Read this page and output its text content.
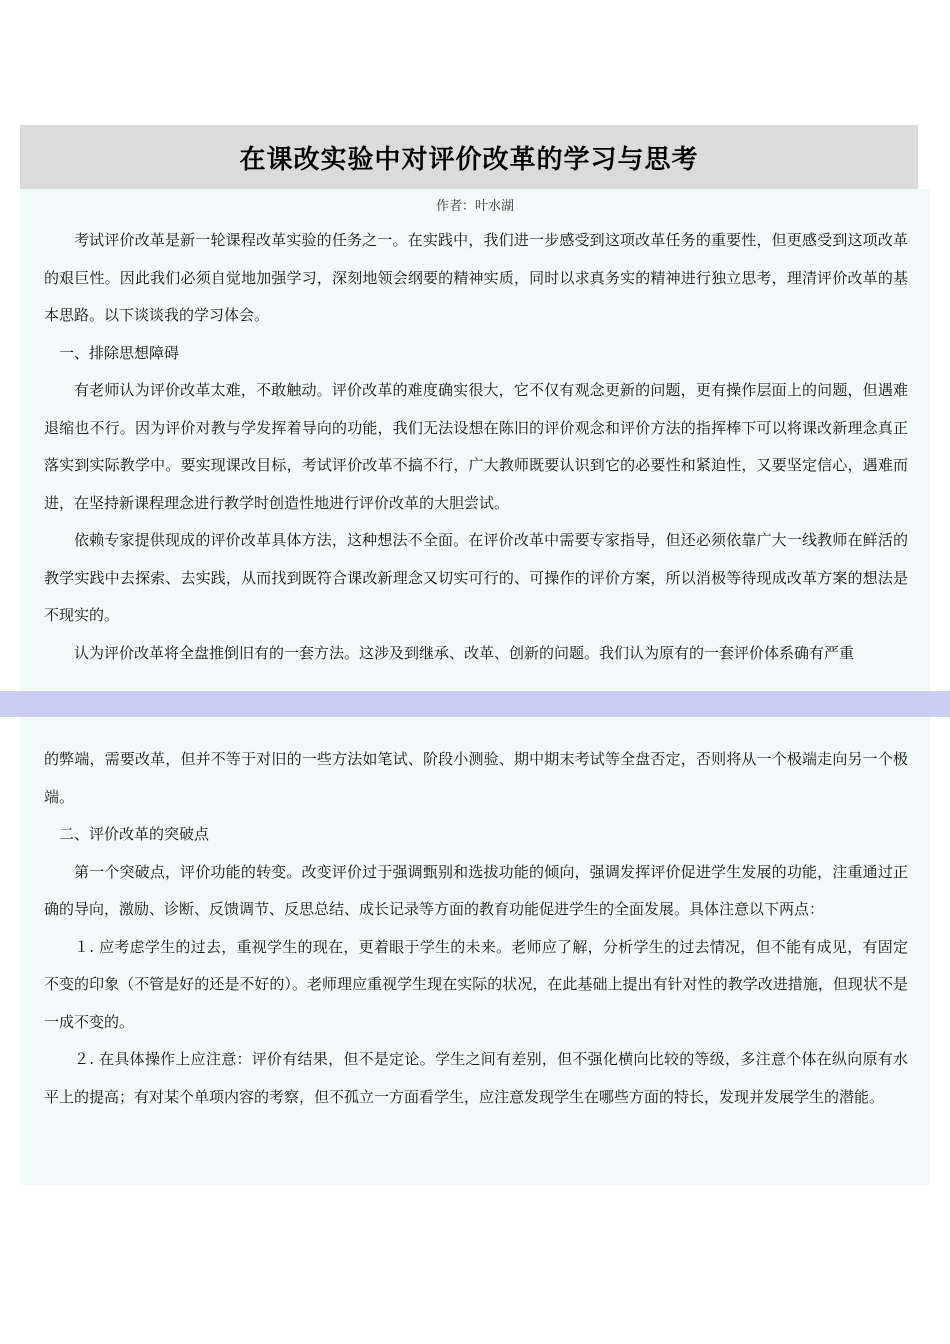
在课改实验中对评价改革的学习与思考
作者：叶水湖

考试评价改革是新一轮课程改革实验的任务之一。在实践中，我们进一步感受到这项改革任务的重要性，但更感受到这项改革的艰巨性。因此我们必须自觉地加强学习，深刻地领会纲要的精神实质，同时以求真务实的精神进行独立思考，理清评价改革的基本思路。以下谈谈我的学习体会。

一、排除思想障碍

有老师认为评价改革太难，不敢触动。评价改革的难度确实很大，它不仅有观念更新的问题，更有操作层面上的问题，但遇难退缩也不行。因为评价对教与学发挥着导向的功能，我们无法设想在陈旧的评价观念和评价方法的指挥棒下可以将课改新理念真正落实到实际教学中。要实现课改目标，考试评价改革不搞不行，广大教师既要认识到它的必要性和紧迫性，又要坚定信心，遇难而进，在坚持新课程理念进行教学时创造性地进行评价改革的大胆尝试。

依赖专家提供现成的评价改革具体方法，这种想法不全面。在评价改革中需要专家指导，但还必须依靠广大一线教师在鲜活的教学实践中去探索、去实践，从而找到既符合课改新理念又切实可行的、可操作的评价方案，所以消极等待现成改革方案的想法是不现实的。

认为评价改革将全盘推倒旧有的一套方法。这涉及到继承、改革、创新的问题。我们认为原有的一套评价体系确有严重

的弊端，需要改革，但并不等于对旧的一些方法如笔试、阶段小测验、期中期末考试等全盘否定，否则将从一个极端走向另一个极端。

二、评价改革的突破点

第一个突破点，评价功能的转变。改变评价过于强调甄别和选拔功能的倾向，强调发挥评价促进学生发展的功能，注重通过正确的导向，激励、诊断、反馈调节、反思总结、成长记录等方面的教育功能促进学生的全面发展。具体注意以下两点：

１. 应考虑学生的过去，重视学生的现在，更着眼于学生的未来。老师应了解，分析学生的过去情况，但不能有成见，有固定不变的印象（不管是好的还是不好的）。老师理应重视学生现在实际的状况，在此基础上提出有针对性的教学改进措施，但现状不是一成不变的。

２. 在具体操作上应注意：评价有结果，但不是定论。学生之间有差别，但不强化横向比较的等级，多注意个体在纵向原有水平上的提高；有对某个单项内容的考察，但不孤立一方面看学生，应注意发现学生在哪些方面的特长，发现并发展学生的潜能。
